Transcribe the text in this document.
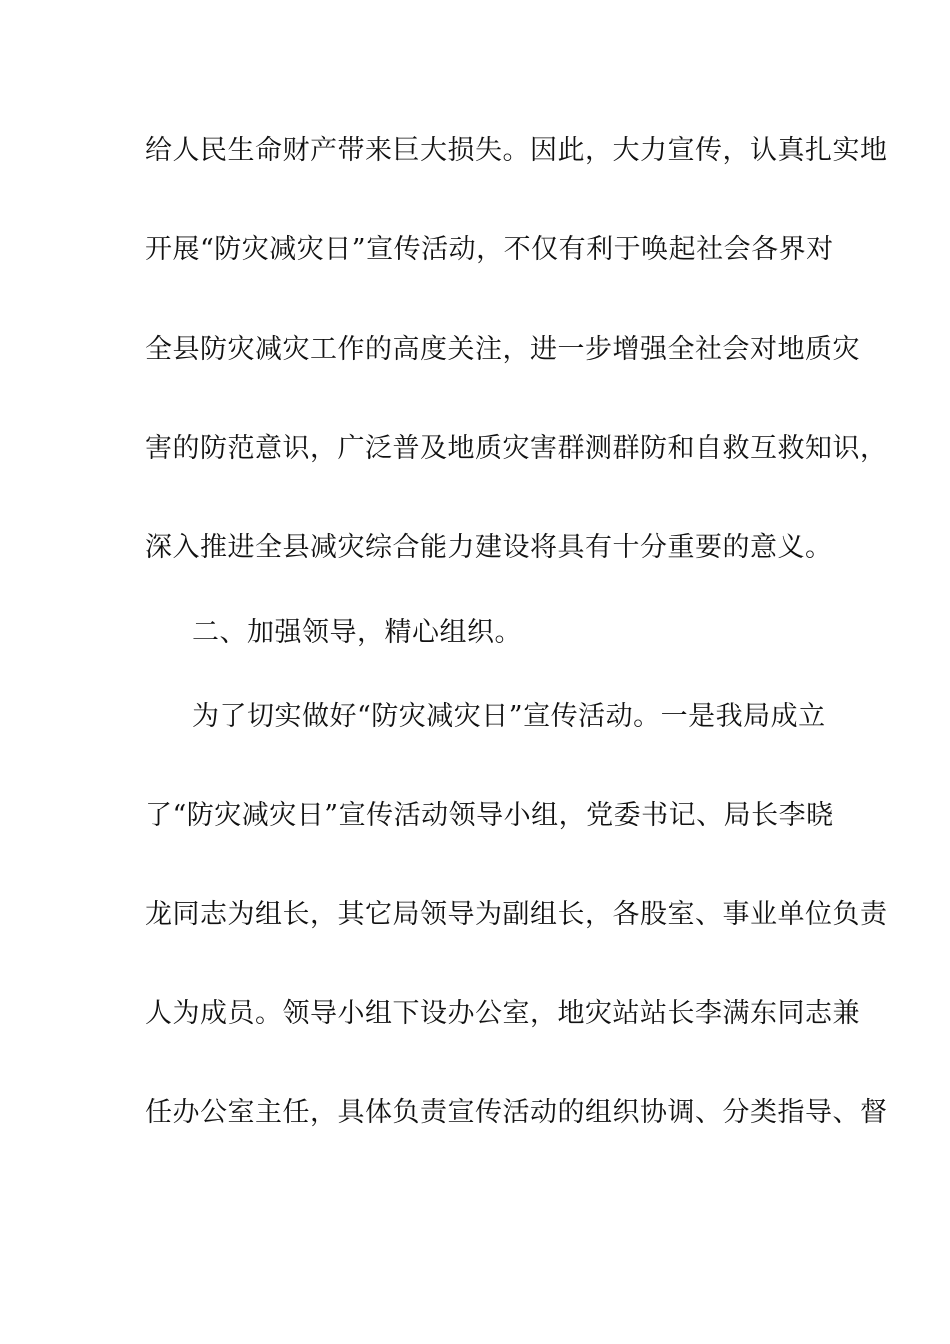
给人民生命财产带来巨大损失。因此，大力宣传，认真扎实地
开展“防灾减灾日”宣传活动，不仅有利于唤起社会各界对
全县防灾减灾工作的高度关注，进一步增强全社会对地质灾
害的防范意识，广泛普及地质灾害群测群防和自救互救知识，
深入推进全县减灾综合能力建设将具有十分重要的意义。
二、加强领导，精心组织。
为了切实做好“防灾减灾日”宣传活动。一是我局成立
了“防灾减灾日”宣传活动领导小组，党委书记、局长李晓
龙同志为组长，其它局领导为副组长，各股室、事业单位负责
人为成员。领导小组下设办公室，地灾站站长李满东同志兼
任办公室主任，具体负责宣传活动的组织协调、分类指导、督
